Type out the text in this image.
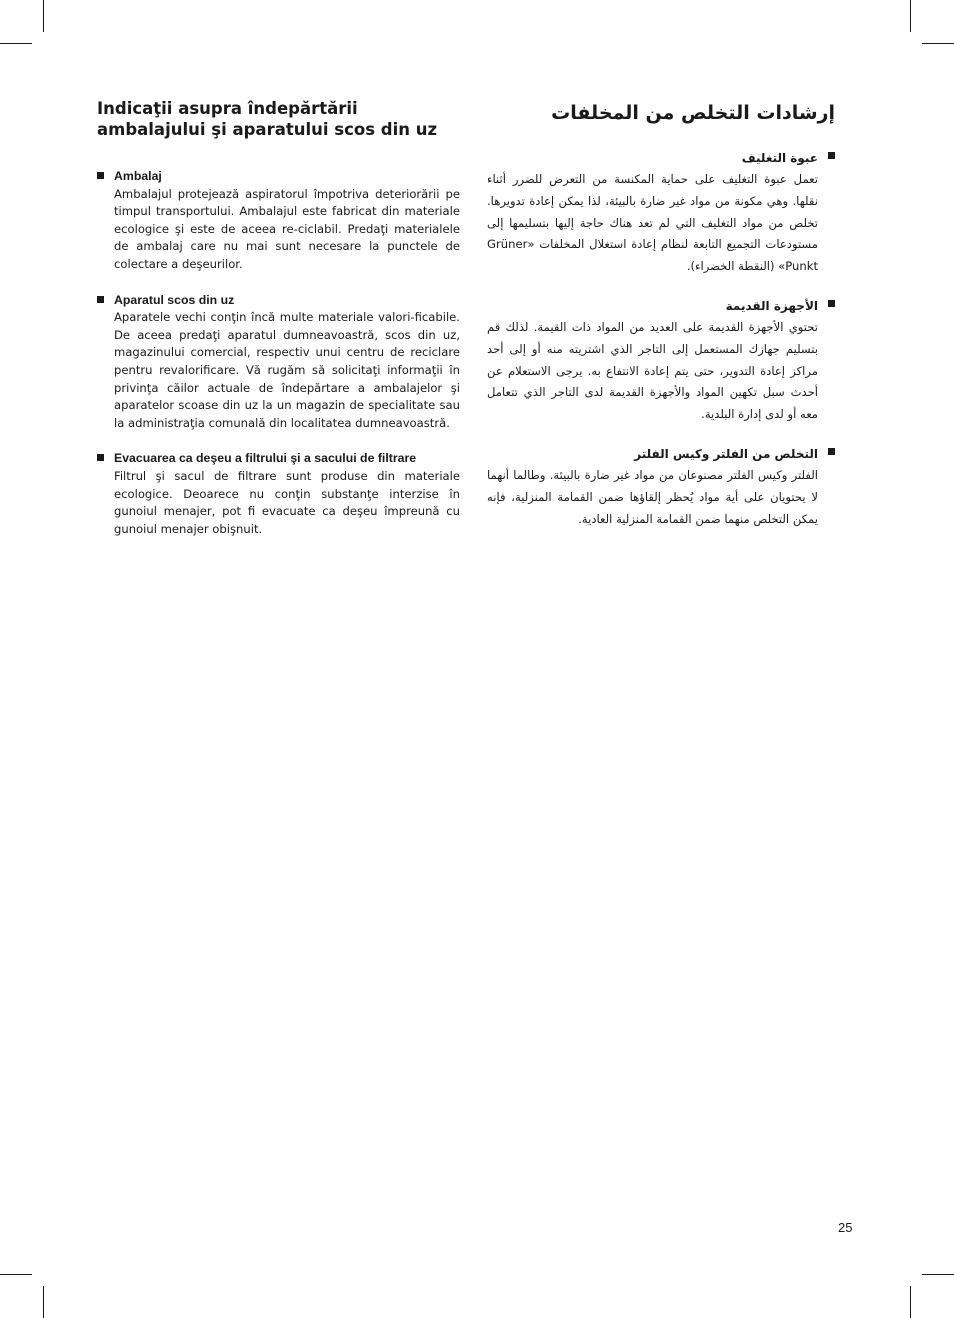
Indicaţii asupra îndepărtării ambalajului şi aparatului scos din uz

Ambalaj

Ambalajul protejează aspiratorul împotriva deteriorării pe timpul transportului. Ambalajul este fabricat din materiale ecologice şi este de aceea re-ciclabil. Predaţi materialele de ambalaj care nu mai sunt necesare la punctele de colectare a deşeurilor.

Aparatul scos din uz

Aparatele vechi conţin încă multe materiale valori-ficabile. De aceea predaţi aparatul dumneavoastră, scos din uz, magazinului comercial, respectiv unui centru de reciclare pentru revalorificare. Vă rugăm să solicitaţi informaţii în privinţa căilor actuale de îndepărtare a ambalajelor şi aparatelor scoase din uz la un magazin de specialitate sau la administraţia comunală din localitatea dumneavoastră.

Evacuarea ca deşeu a filtrului şi a sacului de filtrare

Filtrul şi sacul de filtrare sunt produse din materiale ecologice. Deoarece nu conţin substanţe interzise în gunoiul menajer, pot fi evacuate ca deşeu împreună cu gunoiul menajer obişnuit.

إرشادات التخلص من المخلفات

عبوة التغليف

تعمل عبوة التغليف على حماية المكنسة من التعرض للضرر أثناء نقلها. وهي مكونة من مواد غير ضارة بالبيئة، لذا يمكن إعادة تدويرها. تخلص من مواد التغليف التي لم تعد هناك حاجة إليها بتسليمها إلى مستودعات التجميع التابعة لنظام إعادة استغلال المخلفات «Grüner Punkt» (النقطة الخضراء).

الأجهزة القديمة

تحتوي الأجهزة القديمة على العديد من المواد ذات القيمة. لذلك قم بتسليم جهازك المستعمل إلى التاجر الذي اشتريته منه أو إلى أحد مراكز إعادة التدوير، حتى يتم إعادة الانتفاع به. يرجى الاستعلام عن أحدث سبل تكهين المواد والأجهزة القديمة لدى التاجر الذي تتعامل معه أو لدى إدارة البلدية.

التخلص من الفلتر وكيس الفلتر

الفلتر وكيس الفلتر مصنوعان من مواد غير ضارة بالبيئة. وطالما أنهما لا يحتويان على أية مواد يُحظر إلقاؤها ضمن القمامة المنزلية، فإنه يمكن التخلص منهما ضمن القمامة المنزلية العادية.

25
